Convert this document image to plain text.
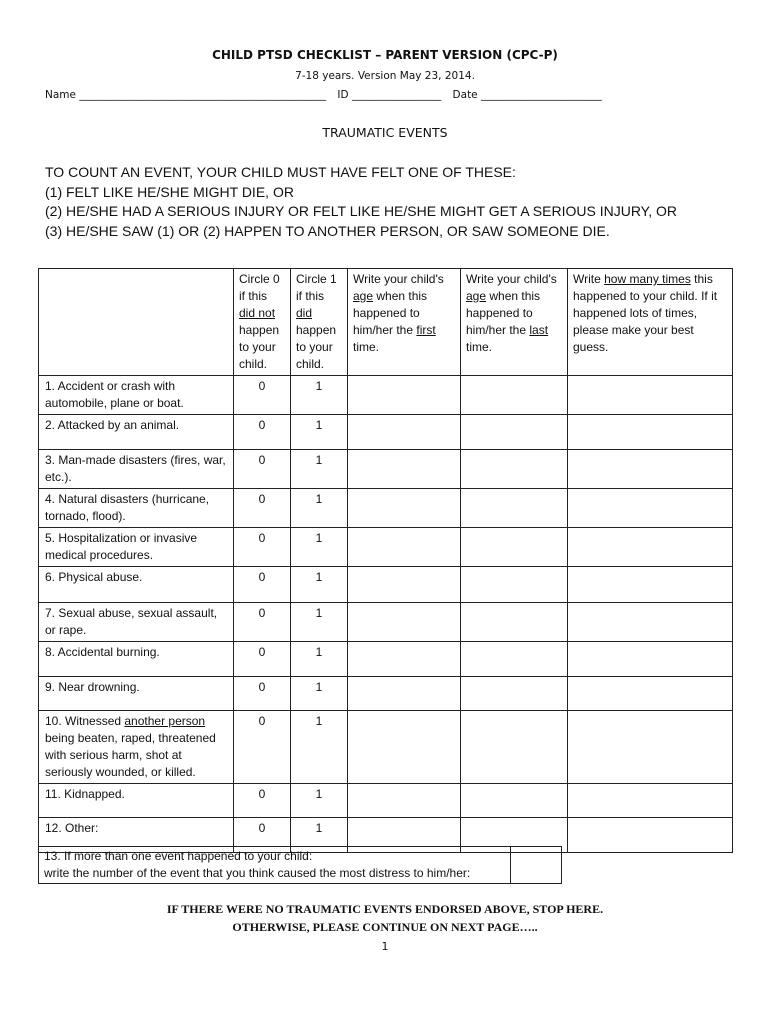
CHILD PTSD CHECKLIST – PARENT VERSION (CPC-P)
7-18 years. Version May 23, 2014.
Name _______________________________________________ ID _________________ Date _______________________
TRAUMATIC EVENTS
TO COUNT AN EVENT, YOUR CHILD MUST HAVE FELT ONE OF THESE:
(1) FELT LIKE HE/SHE MIGHT DIE, OR
(2) HE/SHE HAD A SERIOUS INJURY OR FELT LIKE HE/SHE MIGHT GET A SERIOUS INJURY, OR
(3) HE/SHE SAW (1) OR (2) HAPPEN TO ANOTHER PERSON, OR SAW SOMEONE DIE.
	Circle 0 if this did not happen to your child.	Circle 1 if this did happen to your child.	Write your child's age when this happened to him/her the first time.	Write your child's age when this happened to him/her the last time.	Write how many times this happened to your child. If it happened lots of times, please make your best guess.
1. Accident or crash with automobile, plane or boat.	0	1			
2. Attacked by an animal.	0	1			
3. Man-made disasters (fires, war, etc.).	0	1			
4. Natural disasters (hurricane, tornado, flood).	0	1			
5. Hospitalization or invasive medical procedures.	0	1			
6. Physical abuse.	0	1			
7. Sexual abuse, sexual assault, or rape.	0	1			
8. Accidental burning.	0	1			
9. Near drowning.	0	1			
10. Witnessed another person being beaten, raped, threatened with serious harm, shot at seriously wounded, or killed.	0	1			
11. Kidnapped.	0	1			
12. Other:	0	1			
13. If more than one event happened to your child:
write the number of the event that you think caused the most distress to him/her:

IF THERE WERE NO TRAUMATIC EVENTS ENDORSED ABOVE, STOP HERE.
OTHERWISE, PLEASE CONTINUE ON NEXT PAGE…..
1
